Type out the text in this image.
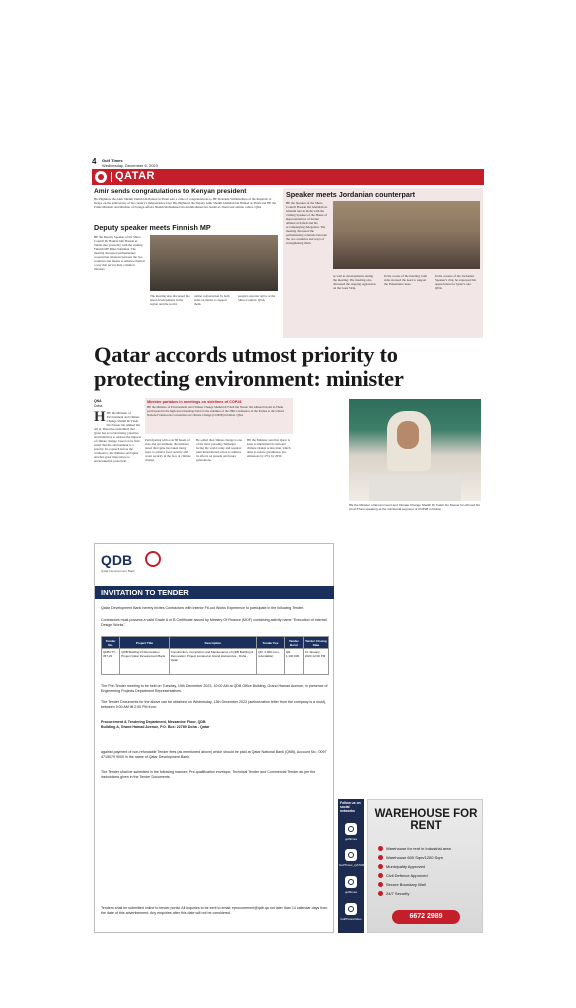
4 Gulf Times
Wednesday, December 6, 2023
QATAR
Amir sends congratulations to Kenyan president

His Highness the Amir Sheikh Tamim bin Hamad al-Thani sent a cable of congratulations to HE President William Ruto of the Republic of Kenya on the anniversary of his country's Independence Day. His Highness the Deputy Amir Sheikh Abdullah bin Hamad al-Thani and HE the Prime Minister and Minister of Foreign Affairs Sheikh Mohammed bin Abdulrahman bin Jassim al-Thani sent similar cables. QNA

Deputy speaker meets Finnish MP

HE the Deputy Speaker of the Shura Council Dr Hamda bint Hassan al-Sulaiti met yesterday with the visiting Finnish MP Mika Salminen. The meeting discussed parliamentary cooperation relations between the two countries and means to enhance them in a way that serves their common interests.

The meeting also discussed the latest developments in the region and the world.

online conversation by both sides on means to support them.

people's reporter arrive at the Shura Council. QNA

Speaker meets Jordanian counterpart

HE the Speaker of the Shura Council Hassan bin Abdullah al-Ghanim met in Doha with the visiting Speaker of the House of Representatives of Jordan Ahmed al-Safadi and his accompanying delegation. The meeting discussed the parliamentary relations between the two countries and ways of strengthening them.

as well as developments during the meeting. The meeting also discussed the ongoing aggression on the Gaza Strip.

In the course of the meeting, both sides stressed the need to support the Palestinian cause.

In the context of the Jordanian Speaker's visit, he expressed his appreciation for Qatar's role. QNA

Qatar accords utmost priority to protecting environment: minister
QNA
Doha

HHE the Minister of Environment and Climate Change Sheikh Dr Faleh bin Nasser bin Ahmed bin Ali al-Thani has underlined that Qatar has accorded many priorities and initiatives to address the impacts of climate change, based on its firm belief that the environment is a priority. In a speech before the conference, the minister said Qatar attaches great importance to environmental protection.

Minister partakes in meetings on sidelines of COP28

HE the Minister of Environment and Climate Change Sheikh Dr Faleh bin Nasser bin Ahmed bin Ali al-Thani participated in the high-level meetings held on the sidelines of the 28th Conference of the Parties to the United Nations Framework Convention on Climate Change (COP28) in Dubai. QNA

Participating with over 80 heads of state and government, the minister noted that Qatar has taken many steps to achieve food security and water security in the face of climate change.

He added that climate change is one of the most pressing challenges facing the world today and requires joint international action to address its effects on present and future generations.

HE the Minister said that Qatar is keen to implement its national climate change action plan, which aims to reduce greenhouse gas emissions by 25% by 2030.

HE the Minister of Environment and Climate Change Sheikh Dr Faleh bin Nasser bin Ahmed bin Ali al-Thani speaking at the ministerial segment of COP28 in Dubai.

QDB
Qatar Development Bank
INVITATION TO TENDER

Qatar Development Bank hereby invites Contractors with Interior Fit-out Works Experience to participate in the following Tender.

Contractors must possess a valid Grade A or B Certificate issued by Ministry Of Finance (MOF) containing activity name "Execution of Internal Design Works".

Tender No.	Project Title	Description	Tender Fee	Tender Bond	Tender Closing Date
QDB-ITT-057-23	QDB Building Fit Renovation Project Qatar Development Bank	Construction, Completion and Maintenance of QDB Building & Renovation Project Located at Grand Hamad Ave., Doha - Qatar	QR. 4,000 (non-refundable)	QR. 1,100,000	10 January 2024 12:00 PM

The Pre-Tender meeting to be held on Tuesday, 19th December 2023, 10:00 AM at QDB Office Building, Grand Hamad Avenue, in presence of Engineering Projects Department Representatives.

The Tender Documents for the above can be obtained on Wednesday, 13th December 2023 (authorization letter from the company is a must), between 9:00 AM till 2:00 PM from:

Procurement & Tendering Department, Mezzanine Floor, QDB Building A, Grand Hamad Avenue, P.O. Box: 22789 Doha - Qatar

against payment of non-refundable Tender fees (as mentioned above) which should be paid at Qatar National Bank (QNB), Account No.: 0097 4715079 9000 in the name of Qatar Development Bank.

The Tender shall be submitted in the following manner: Pre-qualification envelope, Technical Tender and Commercial Tender as per the instructions given in the Tender Documents.

Tenders shall be submitted online to tender portal. All inquiries to be sent to email: eprocurement@qdb.qa not later than 14 calendar days from the date of this advertisement. Any enquiries after this date will not be considered.

Follow us on social networks
gulftimes
GulfTimes_QATAR
gulftimes
GulfTimesVideo
WAREHOUSE FOR RENT
Warehouse for rent in Industrial area
Warehouse 600 Sqm/1200 Sqm
Municipality Approved
Civil Defence Approved
Secure Boundary Wall
24/7 Security
6672 2989
